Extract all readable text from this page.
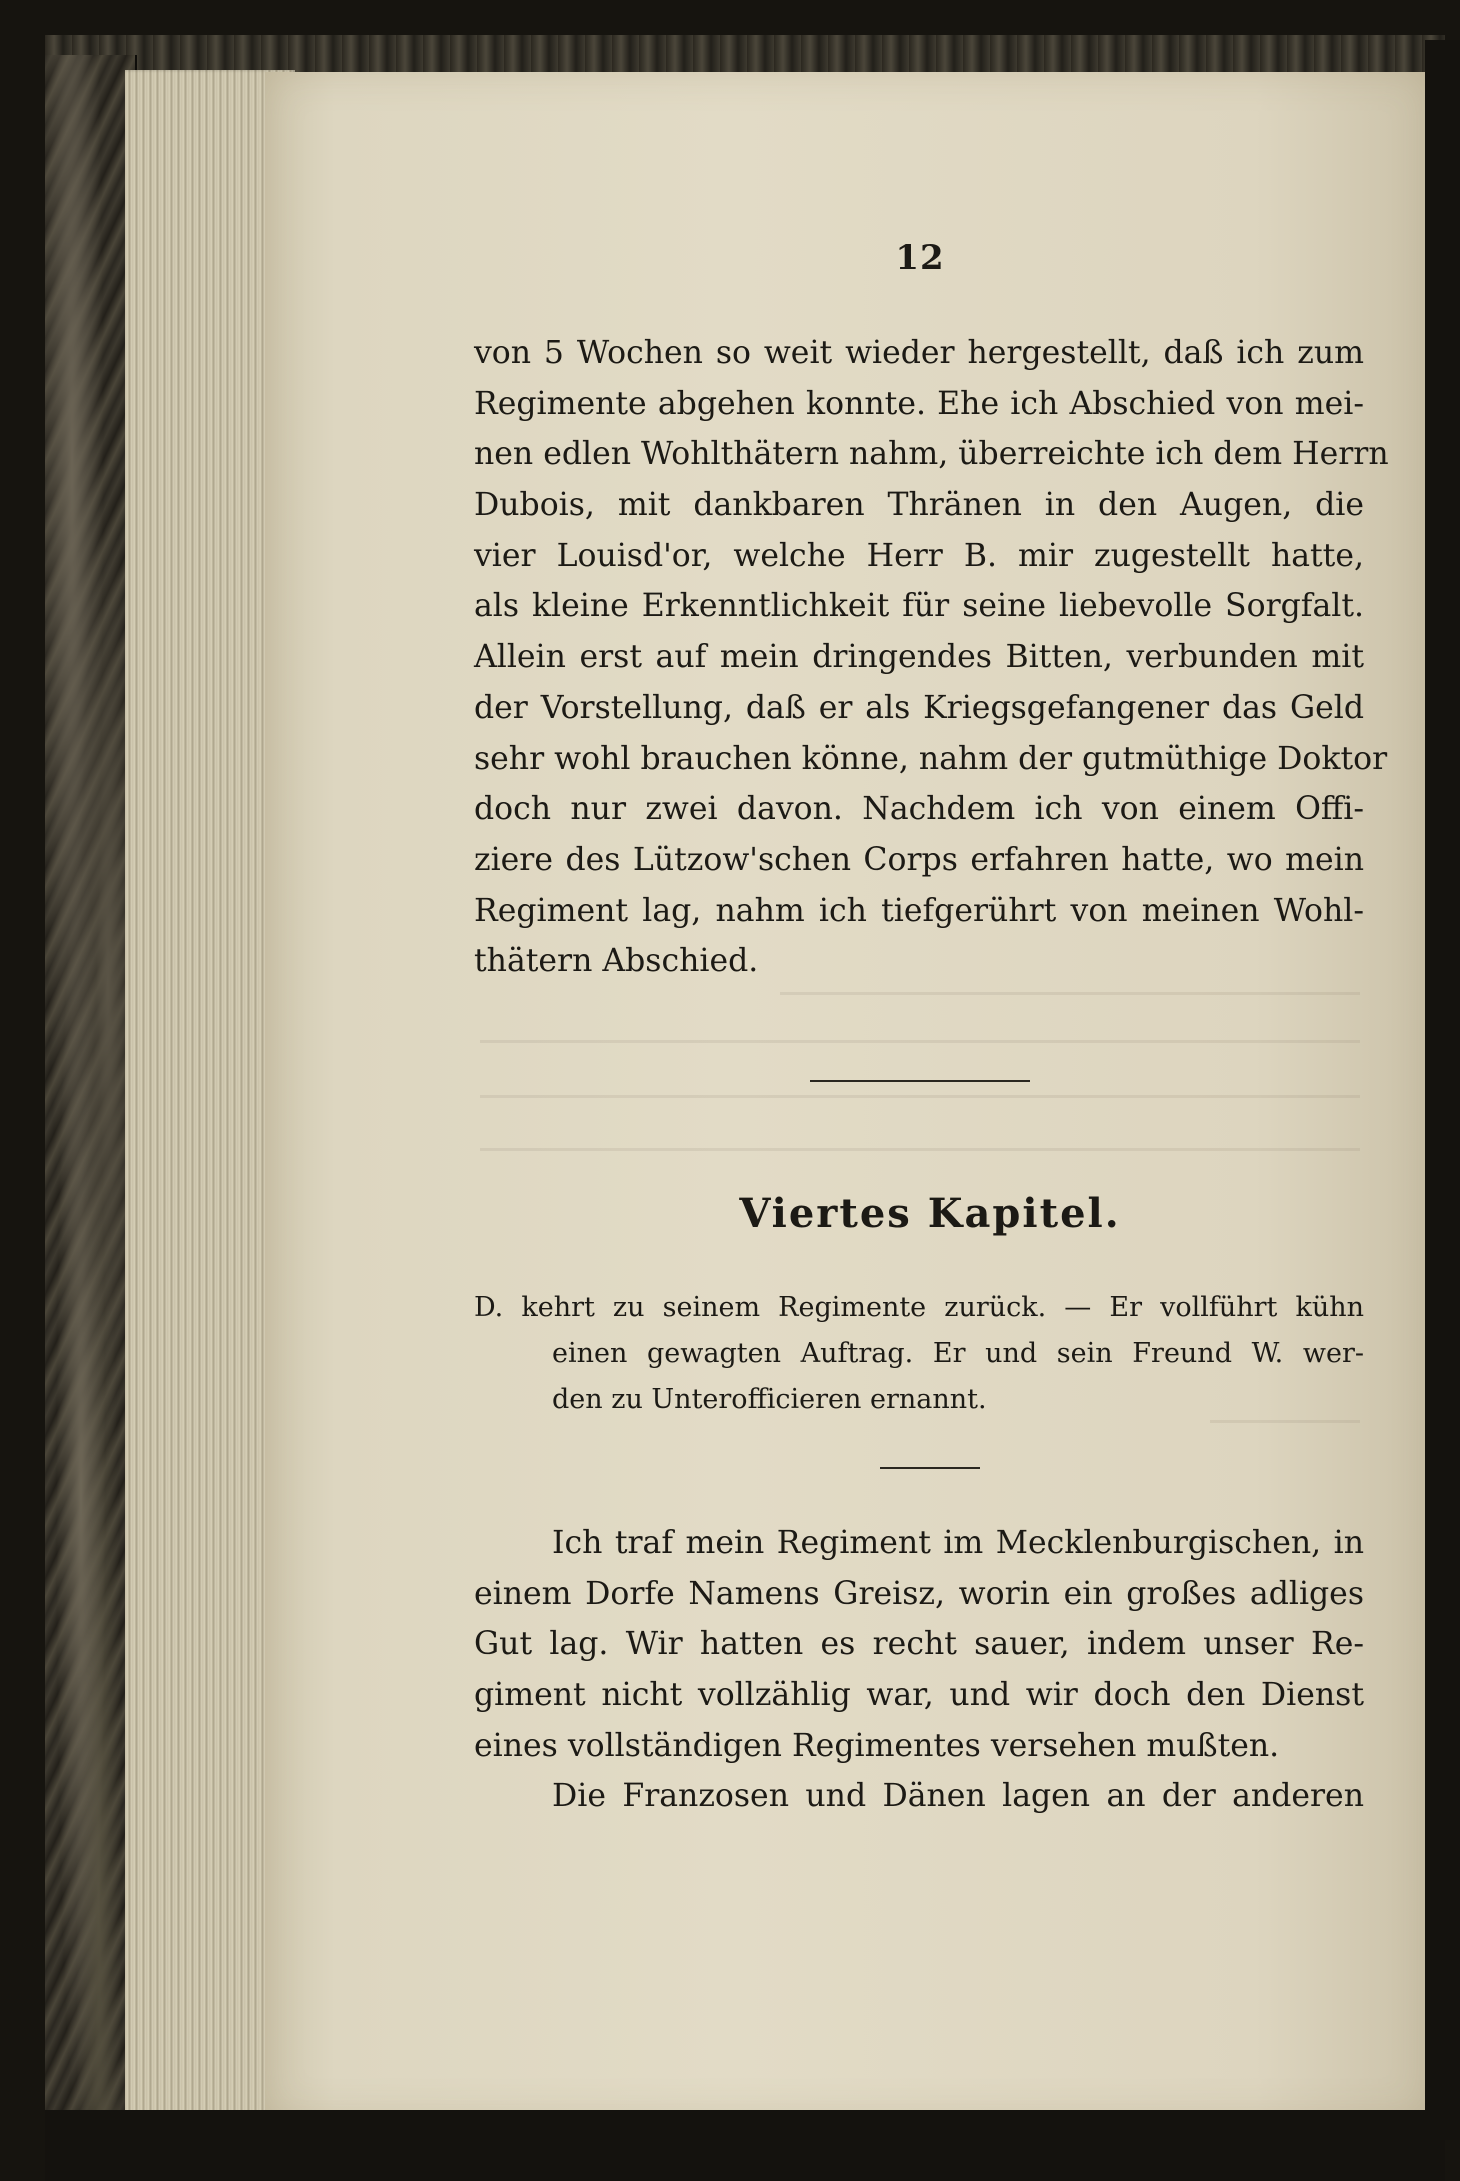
12
von 5 Wochen so weit wieder hergestellt, daß ich zum
Regimente abgehen konnte. Ehe ich Abschied von mei-
nen edlen Wohlthätern nahm, überreichte ich dem Herrn
Dubois, mit dankbaren Thränen in den Augen, die
vier Louisd'or, welche Herr B. mir zugestellt hatte,
als kleine Erkenntlichkeit für seine liebevolle Sorgfalt.
Allein erst auf mein dringendes Bitten, verbunden mit
der Vorstellung, daß er als Kriegsgefangener das Geld
sehr wohl brauchen könne, nahm der gutmüthige Doktor
doch nur zwei davon. Nachdem ich von einem Offi-
ziere des Lützow'schen Corps erfahren hatte, wo mein
Regiment lag, nahm ich tiefgerührt von meinen Wohl-
thätern Abschied.
Viertes Kapitel.
D. kehrt zu seinem Regimente zurück. — Er vollführt kühn
einen gewagten Auftrag. Er und sein Freund W. wer-
den zu Unterofficieren ernannt.
Ich traf mein Regiment im Mecklenburgischen, in
einem Dorfe Namens Greisz, worin ein großes adliges
Gut lag. Wir hatten es recht sauer, indem unser Re-
giment nicht vollzählig war, und wir doch den Dienst
eines vollständigen Regimentes versehen mußten.
Die Franzosen und Dänen lagen an der anderen
